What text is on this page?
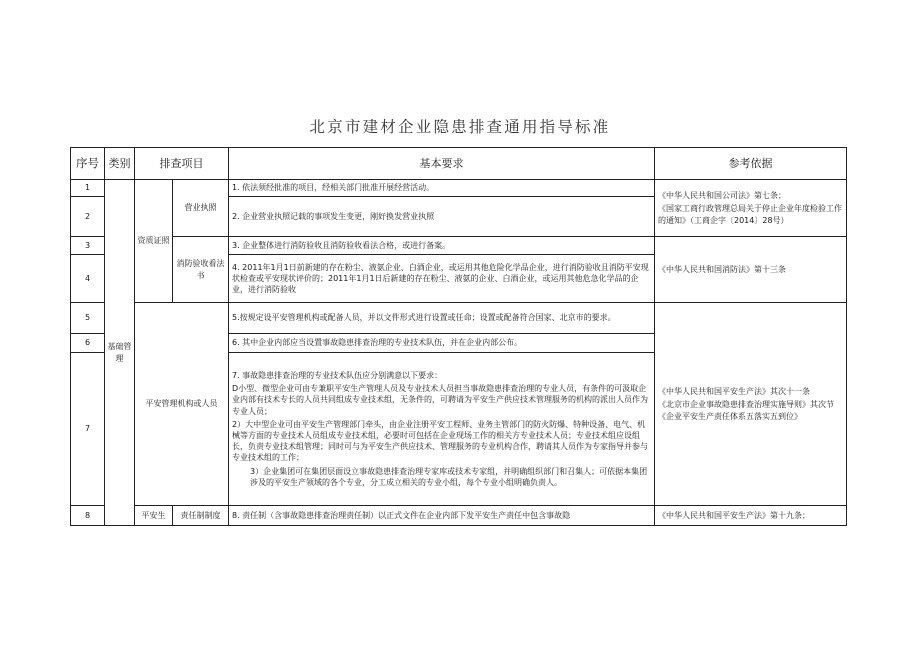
北京市建材企业隐患排查通用指导标准
序号	类别	排查项目		基本要求	参考依据
1	基础管理	资质证照	营业执照	1. 依法须经批准的项目，经相关部门批准开展经营活动。	《中华人民共和国公司法》第七条；
《国家工商行政管理总局关于停止企业年度检验工作的通知》（工商企字〔2014〕28号）

2				2. 企业营业执照记载的事项发生变更，刚好换发营业执照	
3			消防验收看法书	3. 企业整体进行消防验收且消防验收看法合格，或进行备案。	《中华人民共和国消防法》第十三条
4				4. 2011年1月1日前新建的存在粉尘、液氨企业、白酒企业，或运用其他危险化学品企业，进行消防验收且消防平安现状检查或平安现状评价的；2011年1月1日后新建的存在粉尘、液氨的企业、白酒企业，或运用其他危急化学品的企业，进行消防验收	
5		平安管理机构或人员		5.按规定设平安管理机构或配备人员，并以文件形式进行设置或任命；设置或配备符合国家、北京市的要求。	《中华人民共和国平安生产法》其次十一条
《北京市企业事故隐患排查治理实施导则》其次节《企业平安生产责任体系五落实五到位》

6				6. 其中企业内部应当设置事故隐患排查治理的专业技术队伍，并在企业内部公布。	
7				7. 事故隐患排查治理的专业技术队伍应分别满意以下要求：
D小型、微型企业可由专兼职平安生产管理人员及专业技术人员担当事故隐患排查治理的专业人员，有条件的可汲取企业内部有技术专长的人员共同组成专业技术组，无条件的，可聘请为平安生产供应技术管理服务的机构的派出人员作为专业人员；
2）大中型企业可由平安生产管理部门牵头，由企业注册平安工程师、业务主管部门的防火防爆、特种设备、电气、机械等方面的专业技术人员组成专业技术组，必要时可包括在企业现场工作的相关方专业技术人员；专业技术组应设组长，负责专业技术组管理；同时可与为平安生产供应技术、管理服务的专业机构合作，聘请其人员作为专家指导并参与专业技术组的工作；
3）企业集团可在集团层面设立事故隐患排查治理专家库或技术专家组，并明确组织部门和召集人；可依据本集团涉及的平安生产领域的各个专业，分工成立相关的专业小组，每个专业小组明确负责人。	

8		平安生	责任制制度	8. 责任制（含事故隐患排查治理责任制）以正式文件在企业内部下发平安生产责任中包含事故隐	《中华人民共和国平安生产法》第十九条；
